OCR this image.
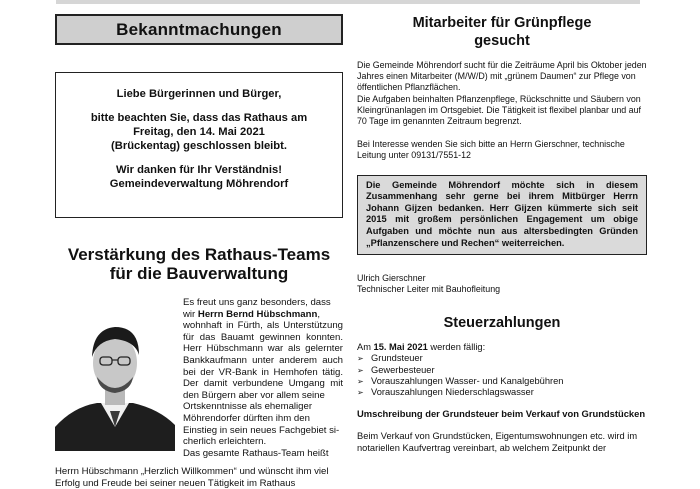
Bekanntmachungen

Liebe Bürgerinnen und Bürger,

bitte beachten Sie, dass das Rathaus am

Freitag, den 14. Mai 2021

(Brückentag) geschlossen bleibt.

Wir danken für Ihr Verständnis!

Gemeindeverwaltung Möhrendorf

Verstärkung des Rathaus-Teams
für die Bauverwaltung
Es freut uns ganz besonders, dass
wir Herrn Bernd Hübschmann,
wohnhaft in Fürth, als Unterstützung für das Bauamt gewinnen konnten. Herr Hübschmann war als gelernter Bankkaufmann unter anderem auch bei der VR-Bank in Hemhofen tätig. Der damit verbundene Umgang mit den Bürgern aber vor allem seine
Ortskenntnisse als ehemaliger
Möhrendorfer dürften ihm den
Einstieg in sein neues Fachgebiet si-
cherlich erleichtern.
Das gesamte Rathaus-Team heißt
Herrn Hübschmann „Herzlich Willkommen“ und wünscht ihm viel
Erfolg und Freude bei seiner neuen Tätigkeit im Rathaus
Mitarbeiter für Grünpflege
gesucht

Die Gemeinde Möhrendorf sucht für die Zeiträume April bis Oktober jeden Jahres einen Mitarbeiter (M/W/D) mit „grünem Daumen“ zur Pflege von öffentlichen Pflanzflächen.

Die Aufgaben beinhalten Pflanzenpflege, Rückschnitte und Säubern von Kleingrünanlagen im Ortsgebiet. Die Tätigkeit ist flexibel planbar und auf 70 Tage im genannten Zeitraum begrenzt.

Bei Interesse wenden Sie sich bitte an Herrn Gierschner, technische Leitung unter 09131/7551-12

Die Gemeinde Möhrendorf möchte sich in diesem Zusammenhang sehr gerne bei ihrem Mitbürger Herrn Johann Gijzen bedanken. Herr Gijzen kümmerte sich seit 2015 mit großem persönlichen Engagement um obige Aufgaben und möchte nun aus altersbedingten Gründen „Pflanzenschere und Rechen“ weiterreichen.

Ulrich Gierschner

Technischer Leiter mit Bauhofleitung

Steuerzahlungen
Am 15. Mai 2021 werden fällig:
➢ Grundsteuer
➢ Gewerbesteuer
➢ Vorauszahlungen Wasser- und Kanalgebühren
➢ Vorauszahlungen Niederschlagswasser
Umschreibung der Grundsteuer beim Verkauf von Grundstücken
Beim Verkauf von Grundstücken, Eigentumswohnungen etc. wird im notariellen Kaufvertrag vereinbart, ab welchem Zeitpunkt der
